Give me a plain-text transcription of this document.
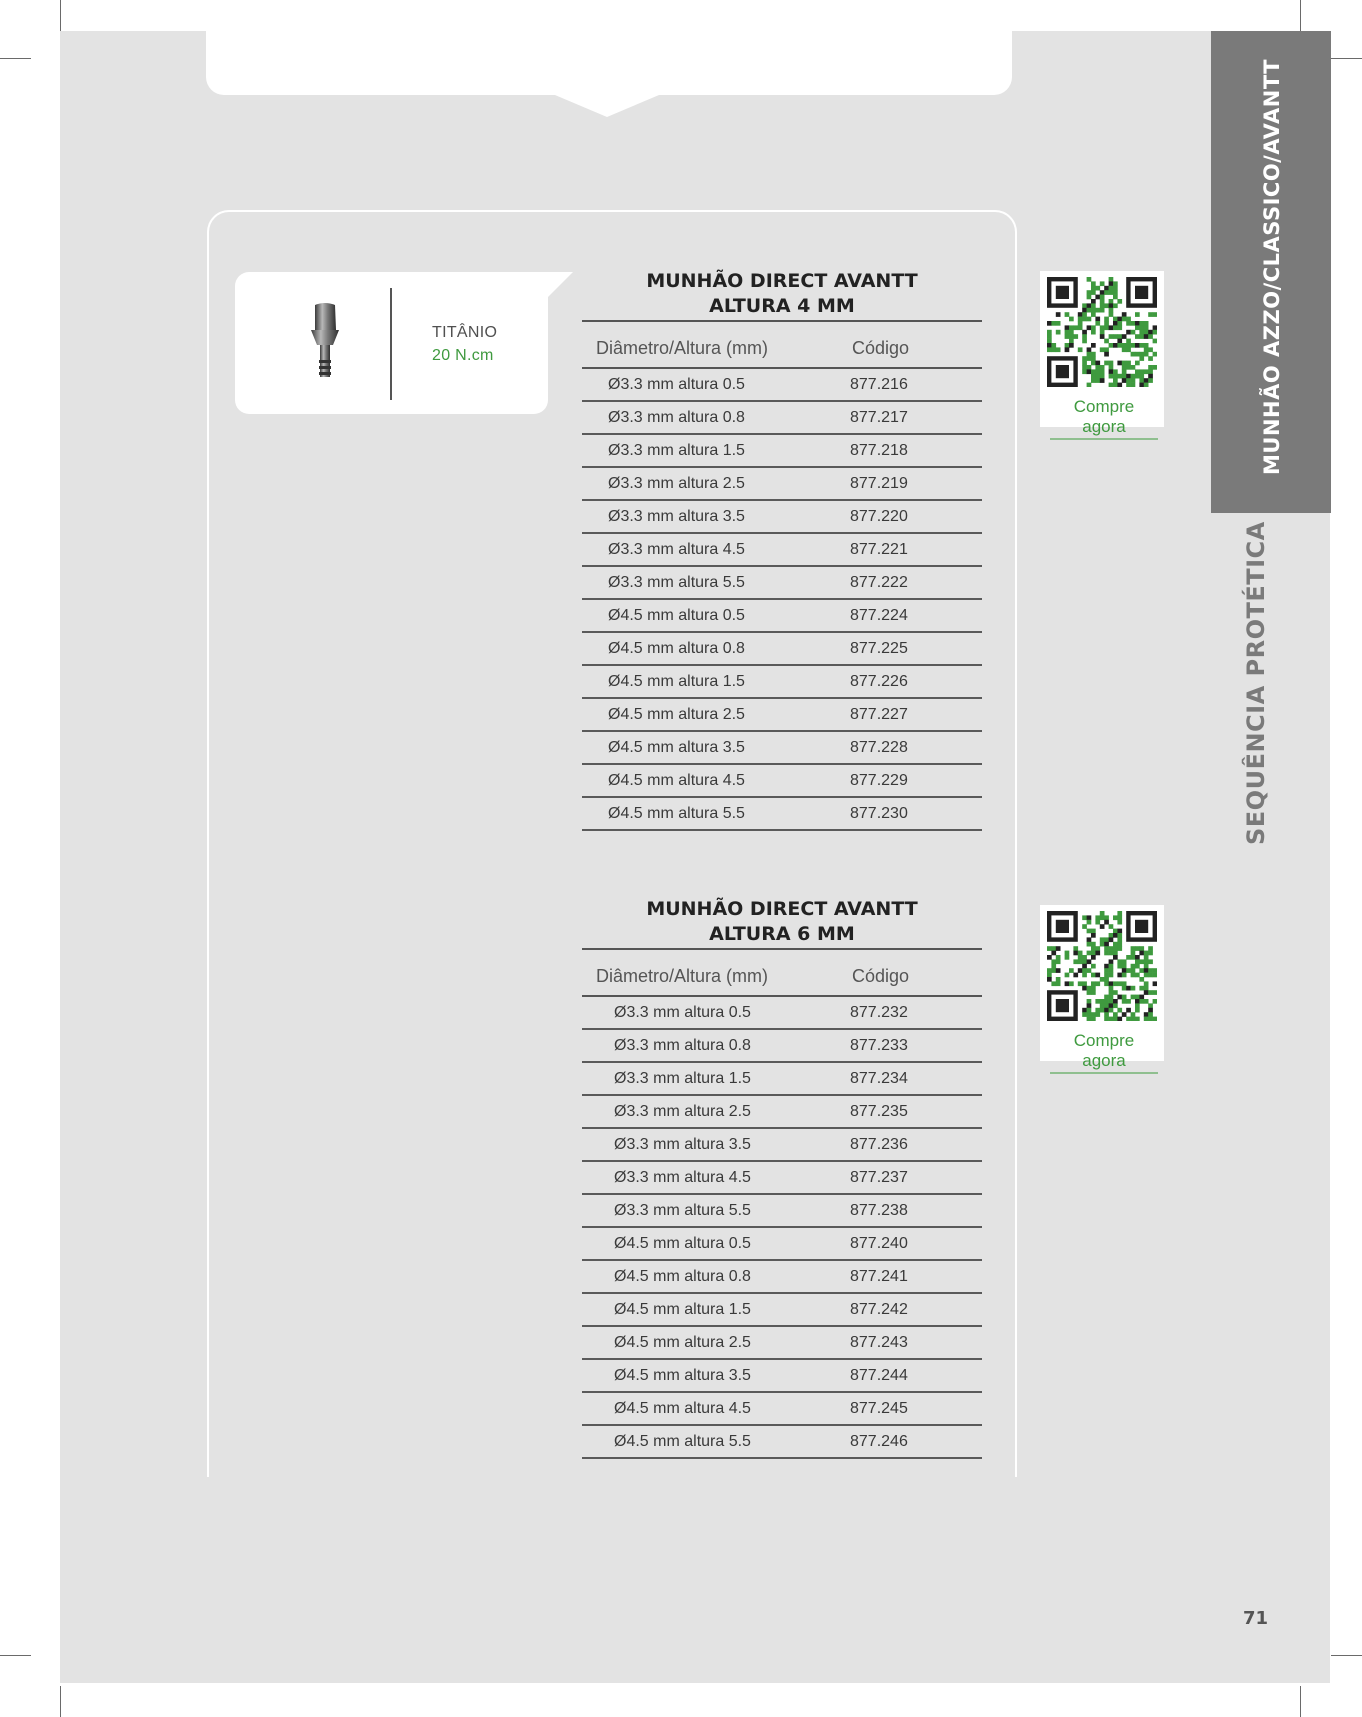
TITÂNIO
20 N.cm
MUNHÃO DIRECT AVANTT
ALTURA 4 MM
Diâmetro/Altura (mm)	Código
Ø3.3 mm altura 0.5	877.216
Ø3.3 mm altura 0.8	877.217
Ø3.3 mm altura 1.5	877.218
Ø3.3 mm altura 2.5	877.219
Ø3.3 mm altura 3.5	877.220
Ø3.3 mm altura 4.5	877.221
Ø3.3 mm altura 5.5	877.222
Ø4.5 mm altura 0.5	877.224
Ø4.5 mm altura 0.8	877.225
Ø4.5 mm altura 1.5	877.226
Ø4.5 mm altura 2.5	877.227
Ø4.5 mm altura 3.5	877.228
Ø4.5 mm altura 4.5	877.229
Ø4.5 mm altura 5.5	877.230
Compre agora
MUNHÃO DIRECT AVANTT
ALTURA 6 MM
Diâmetro/Altura (mm)	Código
Ø3.3 mm altura 0.5	877.232
Ø3.3 mm altura 0.8	877.233
Ø3.3 mm altura 1.5	877.234
Ø3.3 mm altura 2.5	877.235
Ø3.3 mm altura 3.5	877.236
Ø3.3 mm altura 4.5	877.237
Ø3.3 mm altura 5.5	877.238
Ø4.5 mm altura 0.5	877.240
Ø4.5 mm altura 0.8	877.241
Ø4.5 mm altura 1.5	877.242
Ø4.5 mm altura 2.5	877.243
Ø4.5 mm altura 3.5	877.244
Ø4.5 mm altura 4.5	877.245
Ø4.5 mm altura 5.5	877.246
Compre agora
MUNHÃO AZZO/CLASSICO/AVANTT
SEQUÊNCIA PROTÉTICA
71
